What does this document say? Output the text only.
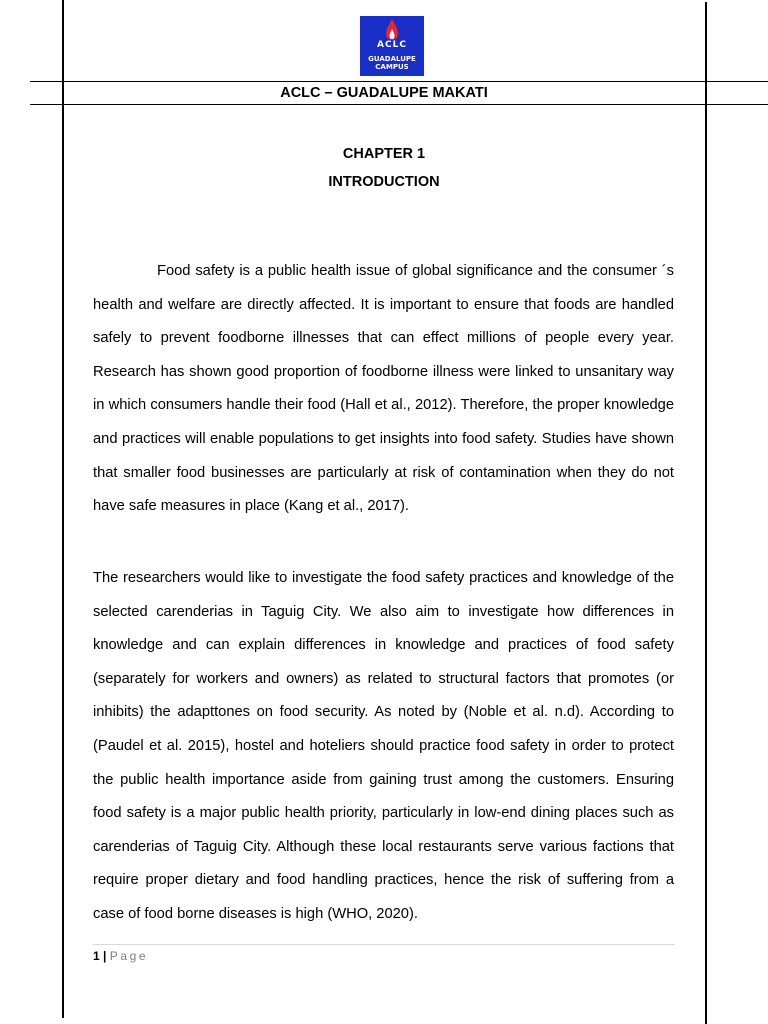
ACLC
GUADALUPE
CAMPUS
ACLC – GUADALUPE MAKATI
CHAPTER 1
INTRODUCTION

Food safety is a public health issue of global significance and the consumer ´s health and welfare are directly affected. It is important to ensure that foods are handled safely to prevent foodborne illnesses that can effect millions of people every year. Research has shown good proportion of foodborne illness were linked to unsanitary way in which consumers handle their food (Hall et al., 2012). Therefore, the proper knowledge and practices will enable populations to get insights into food safety. Studies have shown that smaller food businesses are particularly at risk of contamination when they do not have safe measures in place (Kang et al., 2017).

The researchers would like to investigate the food safety practices and knowledge of the selected carenderias in Taguig City. We also aim to investigate how differences in knowledge and can explain differences in knowledge and practices of food safety (separately for workers and owners) as related to structural factors that promotes (or inhibits) the adapttones on food security. As noted by (Noble et al. n.d). According to (Paudel et al. 2015), hostel and hoteliers should practice food safety in order to protect the public health importance aside from gaining trust among the customers. Ensuring food safety is a major public health priority, particularly in low-end dining places such as carenderias of Taguig City. Although these local restaurants serve various factions that require proper dietary and food handling practices, hence the risk of suffering from a case of food borne diseases is high (WHO, 2020).

1 | Page
